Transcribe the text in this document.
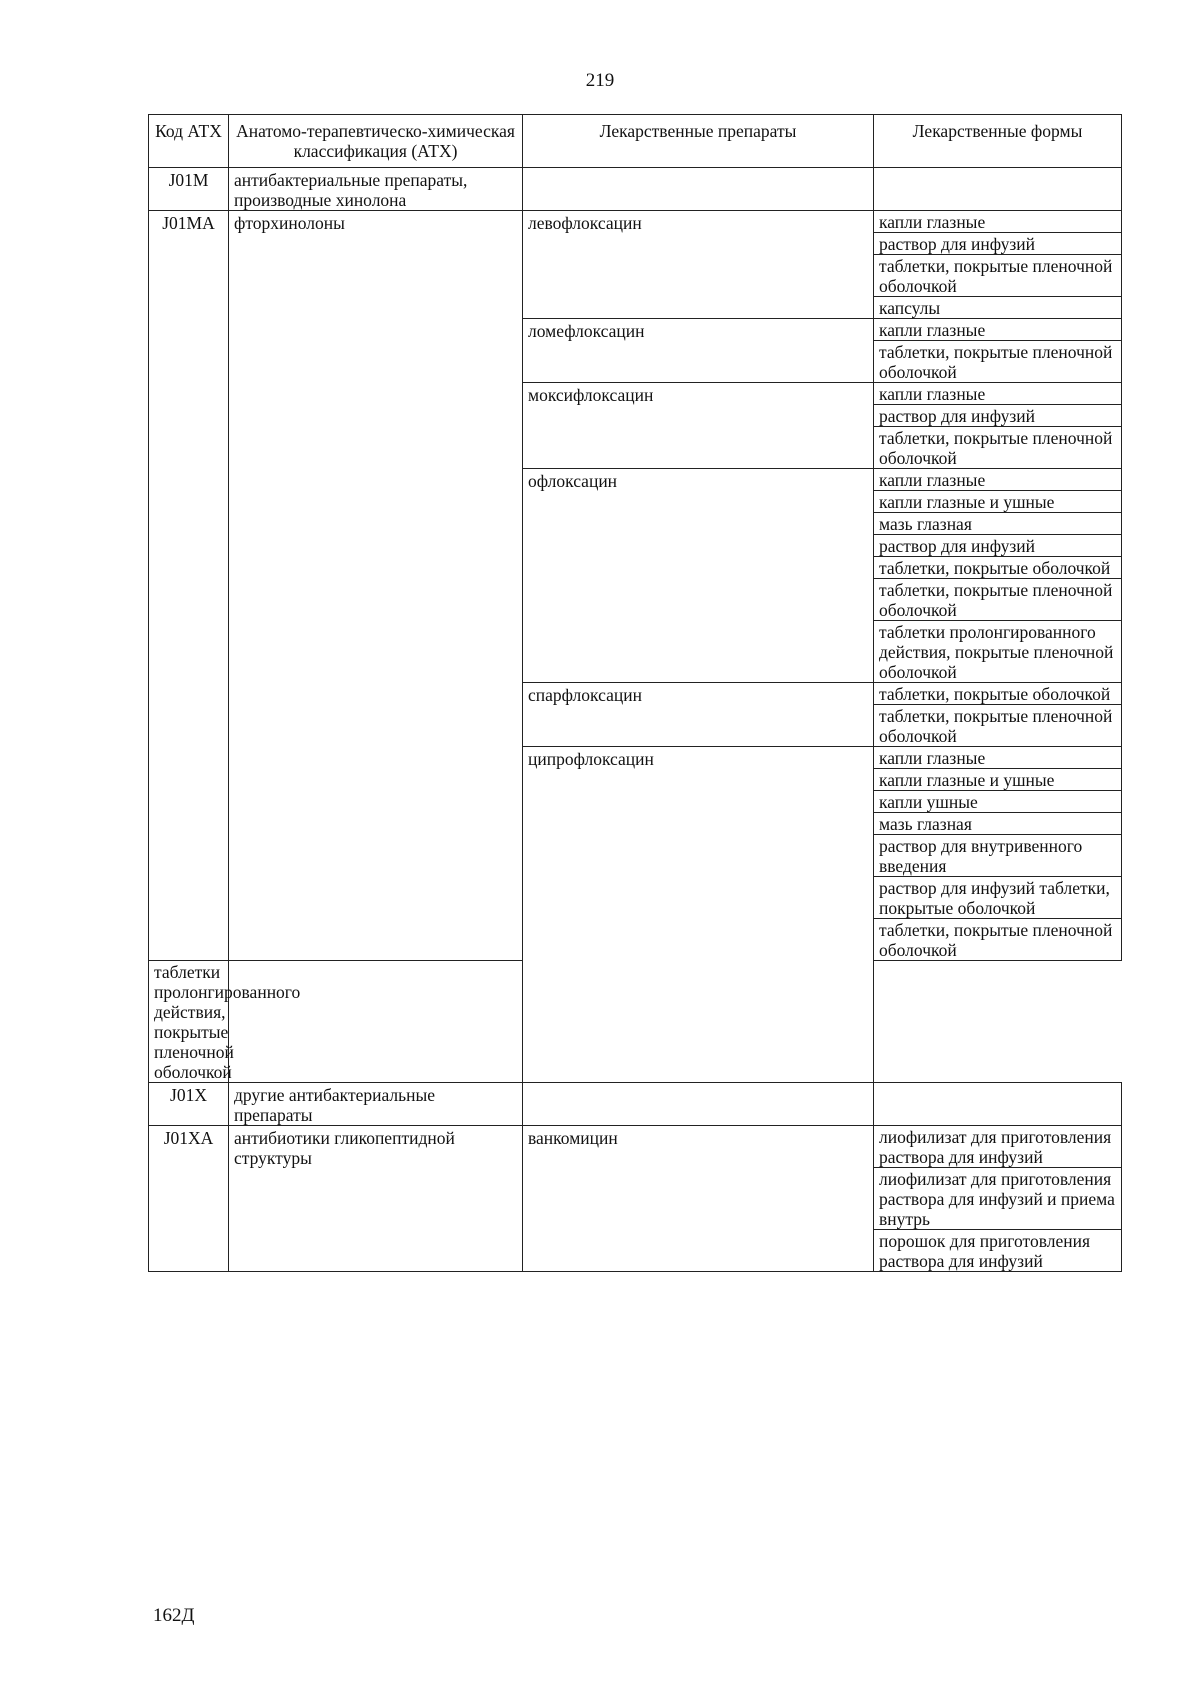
219
Код АТХ	Анатомо-терапевтическо-химическая классификация (АТХ)	Лекарственные препараты	Лекарственные формы
J01M	антибактериальные препараты, производные хинолона		
J01MA	фторхинолоны	левофлоксацин	капли глазные
			раствор для инфузий
			таблетки, покрытые пленочной оболочкой
			капсулы
		ломефлоксацин	капли глазные
			таблетки, покрытые пленочной оболочкой
		моксифлоксацин	капли глазные
			раствор для инфузий
			таблетки, покрытые пленочной оболочкой
		офлоксацин	капли глазные
			капли глазные и ушные
			мазь глазная
			раствор для инфузий
			таблетки, покрытые оболочкой
			таблетки, покрытые пленочной оболочкой
			таблетки пролонгированного действия, покрытые пленочной оболочкой
		спарфлоксацин	таблетки, покрытые оболочкой
			таблетки, покрытые пленочной оболочкой
		ципрофлоксацин	капли глазные
			капли глазные и ушные
			капли ушные
			мазь глазная
			раствор для внутривенного введения
			раствор для инфузий таблетки, покрытые оболочкой
			таблетки, покрытые пленочной оболочкой
таблетки пролонгированного действия, покрытые пленочной оболочкой			
J01X	другие антибактериальные препараты		
J01XA	антибиотики гликопептидной структуры	ванкомицин	лиофилизат для приготовления раствора для инфузий
			лиофилизат для приготовления раствора для инфузий и приема внутрь
			порошок для приготовления раствора для инфузий
162Д
